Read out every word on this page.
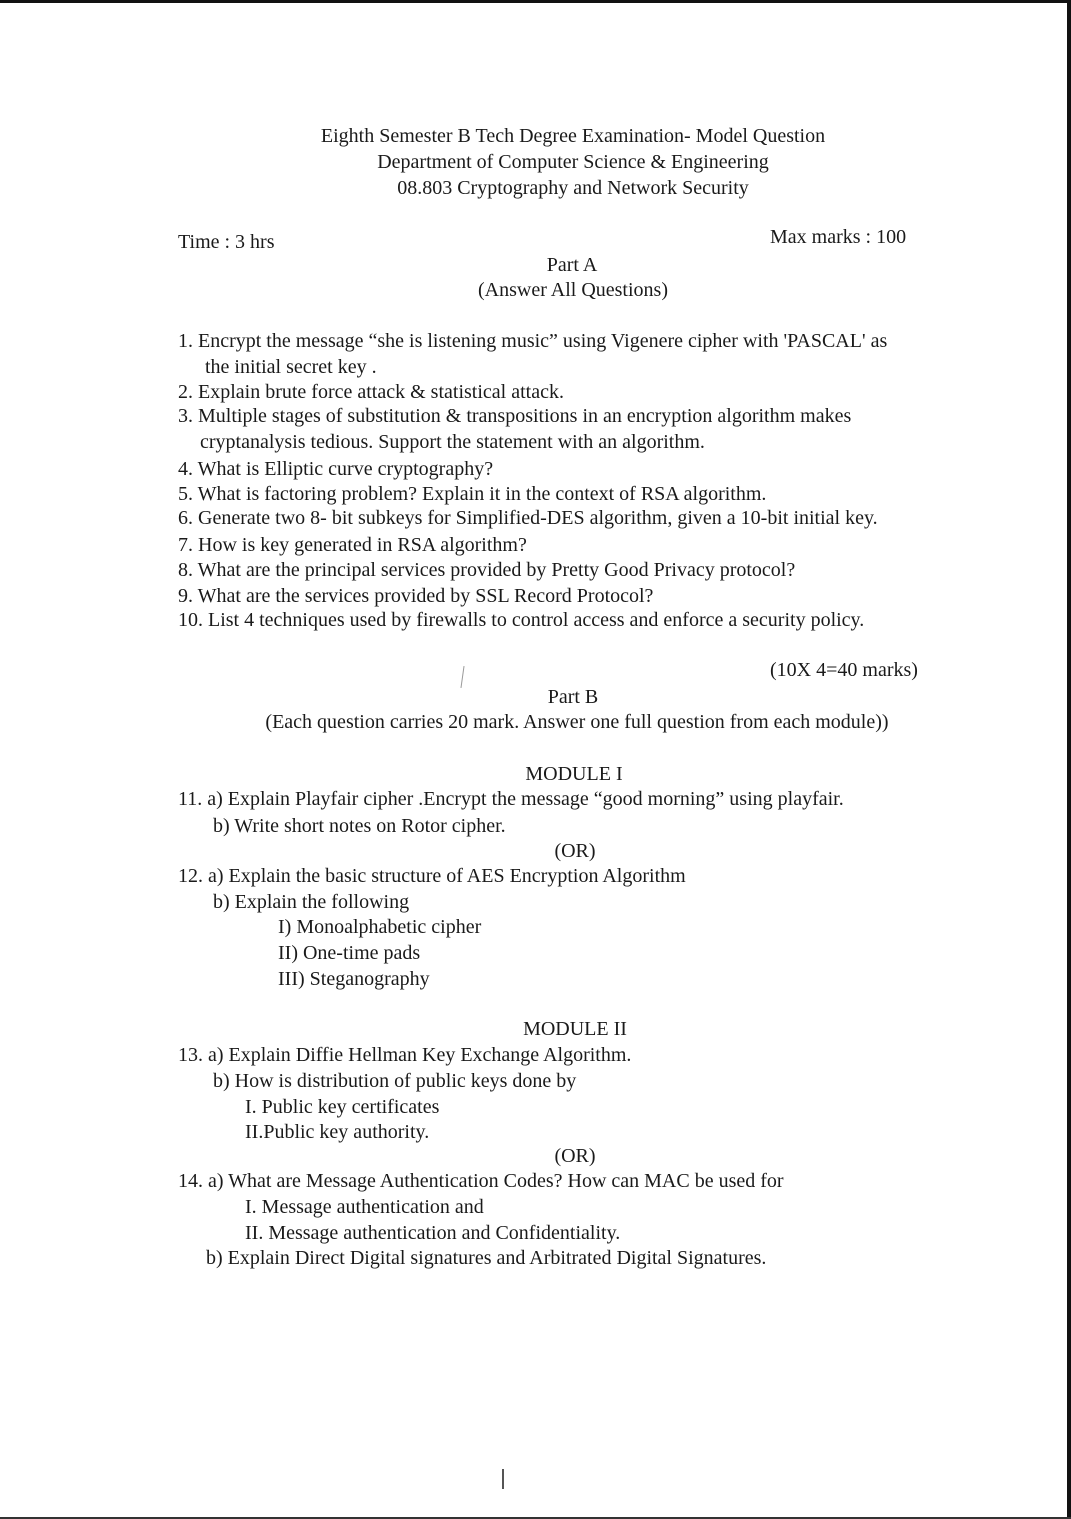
Eighth Semester B Tech Degree Examination- Model Question
Department of Computer Science & Engineering
08.803 Cryptography and Network Security
Time : 3 hrs	Max marks : 100
Part A
(Answer All Questions)
1. Encrypt the message “she is listening music” using Vigenere cipher with 'PASCAL' as
the initial secret key .
2. Explain brute force attack & statistical attack.
3. Multiple stages of substitution & transpositions in an encryption algorithm makes
cryptanalysis tedious. Support the statement with an algorithm.
4. What is Elliptic curve cryptography?
5. What is factoring problem? Explain it in the context of RSA algorithm.
6. Generate two 8- bit subkeys for Simplified-DES algorithm, given a 10-bit initial key.
7. How is key generated in RSA algorithm?
8. What are the principal services provided by Pretty Good Privacy protocol?
9. What are the services provided by SSL Record Protocol?
10. List 4 techniques used by firewalls to control access and enforce a security policy.
(10X 4=40 marks)
Part B
(Each question carries 20 mark. Answer one full question from each module))
MODULE I
11. a) Explain Playfair cipher .Encrypt the message “good morning” using playfair.
b) Write short notes on Rotor cipher.
(OR)
12. a) Explain the basic structure of AES Encryption Algorithm
b) Explain the following
I) Monoalphabetic cipher
II) One-time pads
III) Steganogrаphy
MODULE II
13. a) Explain Diffie Hellman Key Exchange Algorithm.
b) How is distribution of public keys done by
I. Public key certificates
II.Public key authority.
(OR)
14. a) What are Message Authentication Codes? How can MAC be used for
I. Message authentication and
II. Message authentication and Confidentiality.
b) Explain Direct Digital signatures and Arbitrated Digital Signatures.
